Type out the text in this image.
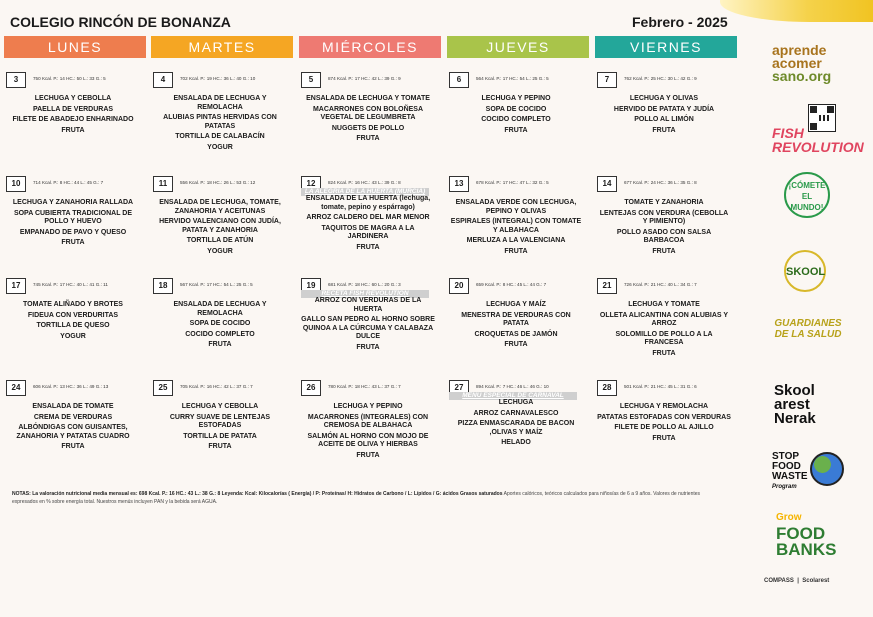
COLEGIO RINCÓN DE BONANZA	Febrero - 2025
LUNES	MARTES	MIÉRCOLES	JUEVES	VIERNES
3	750 Kcal. P.: 14 HC.: 50 L.: 33 G.: 5
LECHUGA Y CEBOLLA
PAELLA DE VERDURAS
FILETE DE ABADEJO ENHARINADO
FRUTA
4	702 Kcal. P.: 19 HC.: 36 L.: 40 G.: 10
ENSALADA DE LECHUGA Y REMOLACHA
ALUBIAS PINTAS HERVIDAS CON PATATAS
TORTILLA DE CALABACÍN
YOGUR
5	874 Kcal. P.: 17 HC.: 42 L.: 39 G.: 9
ENSALADA DE LECHUGA Y TOMATE
MACARRONES CON BOLOÑESA VEGETAL DE LEGUMBRETA
NUGGETS DE POLLO
FRUTA
6	564 Kcal. P.: 17 HC.: 54 L.: 25 G.: 5
LECHUGA Y PEPINO
SOPA DE COCIDO
COCIDO COMPLETO
FRUTA
7	762 Kcal. P.: 25 HC.: 30 L.: 42 G.: 9
LECHUGA Y OLIVAS
HERVIDO DE PATATA Y JUDÍA
POLLO AL LIMÓN
FRUTA
10	714 Kcal. P.: 8 HC.: 44 L.: 45 G.: 7
LECHUGA Y ZANAHORIA RALLADA
SOPA CUBIERTA TRADICIONAL DE POLLO Y HUEVO
EMPANADO DE PAVO Y QUESO
FRUTA
11	556 Kcal. P.: 18 HC.: 26 L.: 53 G.: 12
ENSALADA DE LECHUGA, TOMATE, ZANAHORIA Y ACEITUNAS
HERVIDO VALENCIANO CON JUDÍA, PATATA Y ZANAHORIA
TORTILLA DE ATÚN
YOGUR
12	824 Kcal. P.: 16 HC.: 43 L.: 39 G.: 8
LA ALEGRÍA DE LA HUERTA (MURCIA)
ENSALADA DE LA HUERTA (lechuga, tomate, pepino y espárrago)
ARROZ CALDERO DEL MAR MENOR
TAQUITOS DE MAGRA A LA JARDINERA
FRUTA
13	678 Kcal. P.: 17 HC.: 47 L.: 32 G.: 5
ENSALADA VERDE CON LECHUGA, PEPINO Y OLIVAS
ESPIRALES (INTEGRAL) CON TOMATE Y ALBAHACA
MERLUZA A LA VALENCIANA
FRUTA
14	677 Kcal. P.: 24 HC.: 36 L.: 35 G.: 8
TOMATE Y ZANAHORIA
LENTEJAS CON VERDURA (CEBOLLA Y PIMIENTO)
POLLO ASADO CON SALSA BARBACOA
FRUTA
17	745 Kcal. P.: 17 HC.: 40 L.: 41 G.: 11
TOMATE ALIÑADO Y BROTES
FIDEUA CON VERDURITAS
TORTILLA DE QUESO
YOGUR
18	567 Kcal. P.: 17 HC.: 54 L.: 25 G.: 5
ENSALADA DE LECHUGA Y REMOLACHA
SOPA DE COCIDO
COCIDO COMPLETO
FRUTA
19	681 Kcal. P.: 18 HC.: 60 L.: 20 G.: 3
RECETA FISH REVOLUTION
ARROZ CON VERDURAS DE LA HUERTA
GALLO SAN PEDRO AL HORNO SOBRE QUINOA A LA CÚRCUMA Y CALABAZA DULCE
FRUTA
20	659 Kcal. P.: 8 HC.: 45 L.: 44 G.: 7
LECHUGA Y MAÍZ
MENESTRA DE VERDURAS CON PATATA
CROQUETAS DE JAMÓN
FRUTA
21	726 Kcal. P.: 21 HC.: 40 L.: 34 G.: 7
LECHUGA Y TOMATE
OLLETA ALICANTINA CON ALUBIAS Y ARROZ
SOLOMILLO DE POLLO A LA FRANCESA
FRUTA
24	606 Kcal. P.: 13 HC.: 36 L.: 49 G.: 13
ENSALADA DE TOMATE
CREMA DE VERDURAS
ALBÓNDIGAS CON GUISANTES, ZANAHORIA Y PATATAS CUADRO
FRUTA
25	705 Kcal. P.: 16 HC.: 42 L.: 37 G.: 7
LECHUGA Y CEBOLLA
CURRY SUAVE DE LENTEJAS ESTOFADAS
TORTILLA DE PATATA
FRUTA
26	780 Kcal. P.: 18 HC.: 43 L.: 37 G.: 7
LECHUGA Y PEPINO
MACARRONES (INTEGRALES) CON CREMOSA DE ALBAHACA
SALMÓN AL HORNO CON MOJO DE ACEITE DE OLIVA Y HIERBAS
FRUTA
27	894 Kcal. P.: 7 HC.: 46 L.: 46 G.: 10
MENÚ ESPECIAL DE CARNAVAL
LECHUGA
ARROZ CARNAVALESCO
PIZZA ENMASCARADA DE BACON ,OLIVAS Y MAÍZ
HELADO
28	501 Kcal. P.: 21 HC.: 45 L.: 31 G.: 6
LECHUGA Y REMOLACHA
PATATAS ESTOFADAS CON VERDURAS
FILETE DE POLLO AL AJILLO
FRUTA
NOTAS: La valoración nutricional media mensual es: 698 Kcal. P.: 16 HC.: 43 L.: 38 G.: 8 Leyenda: Kcal: Kilocalorías ( Energía) / P: Proteínas/ H: Hidratos de Carbono / L: Lípidos / G: ácidos Grasos saturados Aportes calóricos, teóricos calculados para niños/as de 6 a 9 años. Valores de nutrientes expresados en % sobre energía total. Nuestros menús incluyen PAN y la bebida será AGUA.
aprende
acomer
sano.org
FISH
REVOLUTION
¡CÓMETE
EL MUNDO!
SKOOL
GUARDIANES
DE LA SALUD
Skool
arest
Nerak
STOP
FOOD
WASTE
Program
Grow
FOOD
BANKS
COMPASS  |  Scolarest
